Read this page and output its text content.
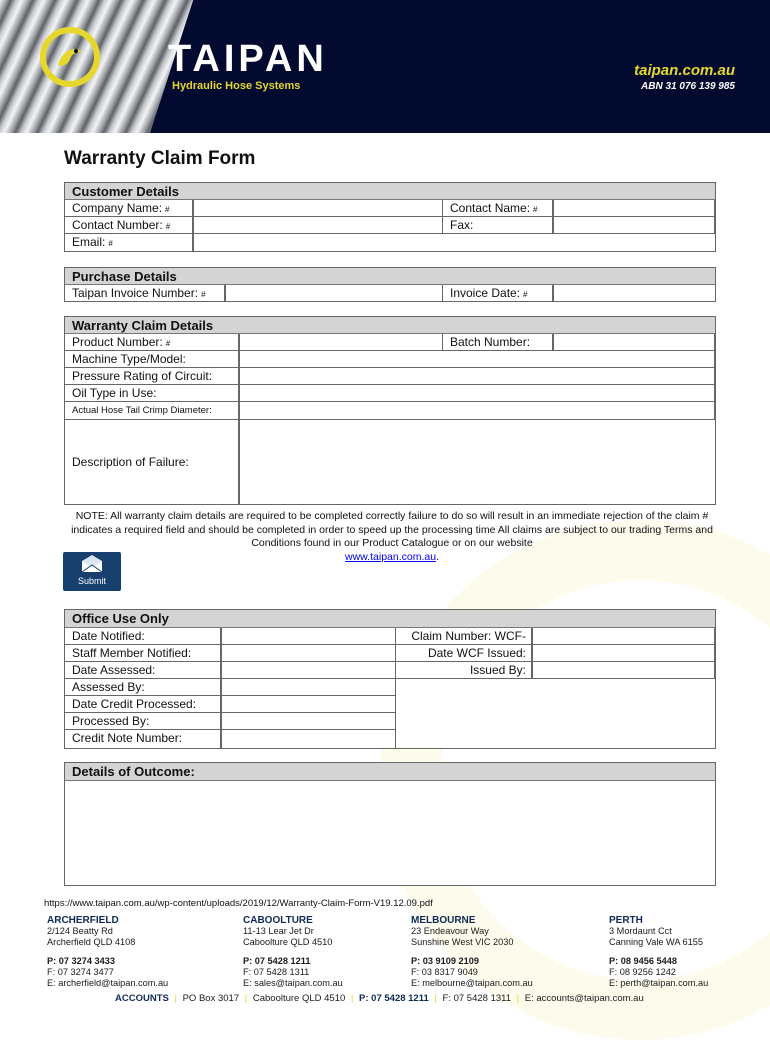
TAIPAN
Hydraulic Hose Systems
taipan.com.au
ABN 31 076 139 985
Warranty Claim Form
Customer Details
Company Name: #	Contact Name: #
Contact Number: #	Fax:
Email: #
Purchase Details
Taipan Invoice Number: #	Invoice Date: #
Warranty Claim Details
Product Number: #	Batch Number:
Machine Type/Model:
Pressure Rating of Circuit:
Oil Type in Use:
Actual Hose Tail Crimp Diameter:
Description of Failure:
NOTE: All warranty claim details are required to be completed correctly failure to do so will result in an immediate rejection of the claim # indicates a required field and should be completed in order to speed up the processing time All claims are subject to our trading Terms and Conditions found in our Product Catalogue or on our website
www.taipan.com.au.
Submit
Office Use Only
Date Notified:	Claim Number: WCF-
Staff Member Notified:	Date WCF Issued:
Date Assessed:	Issued By:
Assessed By:
Date Credit Processed:
Processed By:
Credit Note Number:
Details of Outcome:
https://www.taipan.com.au/wp-content/uploads/2019/12/Warranty-Claim-Form-V19.12.09.pdf
ARCHERFIELD
2/124 Beatty Rd
Archerfield QLD 4108
P: 07 3274 3433
F: 07 3274 3477
E: archerfield@taipan.com.au
CABOOLTURE
11-13 Lear Jet Dr
Caboolture QLD 4510
P: 07 5428 1211
F: 07 5428 1311
E: sales@taipan.com.au
MELBOURNE
23 Endeavour Way
Sunshine West VIC 2030
P: 03 9109 2109
F: 03 8317 9049
E: melbourne@taipan.com.au
PERTH
3 Mordaunt Cct
Canning Vale WA 6155
P: 08 9456 5448
F: 08 9256 1242
E: perth@taipan.com.au
ACCOUNTS | PO Box 3017 | Caboolture QLD 4510 | P: 07 5428 1211 | F: 07 5428 1311 | E: accounts@taipan.com.au
